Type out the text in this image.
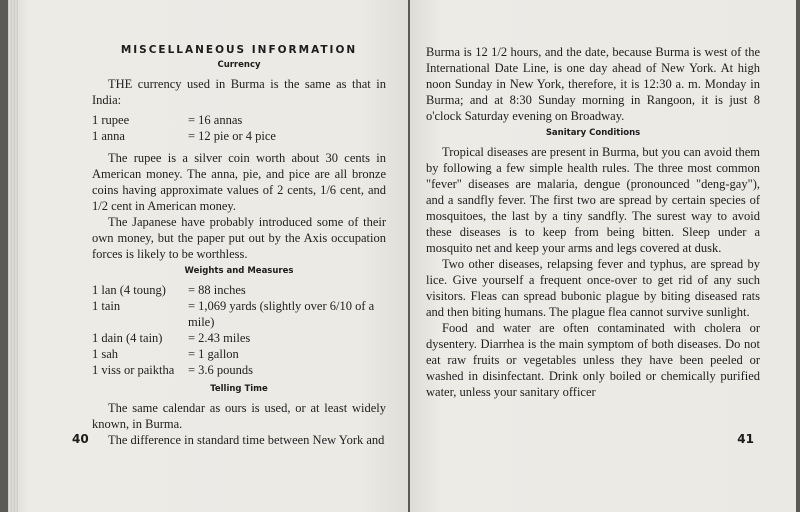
MISCELLANEOUS INFORMATION
Currency

THE currency used in Burma is the same as that in India:

1 rupee	= 16 annas
1 anna	= 12 pie or 4 pice

The rupee is a silver coin worth about 30 cents in American money. The anna, pie, and pice are all bronze coins having approximate values of 2 cents, 1/6 cent, and 1/2 cent in American money.

The Japanese have probably introduced some of their own money, but the paper put out by the Axis occupation forces is likely to be worthless.

Weights and Measures
1 lan (4 toung)	= 88 inches
1 tain	= 1,069 yards (slightly over 6/10 of a mile)
1 dain (4 tain)	= 2.43 miles
1 sah	= 1 gallon
1 viss or paiktha	= 3.6 pounds
Telling Time

The same calendar as ours is used, or at least widely known, in Burma.

The difference in standard time between New York and

40

Burma is 12 1/2 hours, and the date, because Burma is west of the International Date Line, is one day ahead of New York. At high noon Sunday in New York, therefore, it is 12:30 a. m. Monday in Burma; and at 8:30 Sunday morning in Rangoon, it is just 8 o'clock Saturday evening on Broadway.

Sanitary Conditions

Tropical diseases are present in Burma, but you can avoid them by following a few simple health rules. The three most common "fever" diseases are malaria, dengue (pronounced "deng-gay"), and a sandfly fever. The first two are spread by certain species of mosquitoes, the last by a tiny sandfly. The surest way to avoid these diseases is to keep from being bitten. Sleep under a mosquito net and keep your arms and legs covered at dusk.

Two other diseases, relapsing fever and typhus, are spread by lice. Give yourself a frequent once-over to get rid of any such visitors. Fleas can spread bubonic plague by biting diseased rats and then biting humans. The plague flea cannot survive sunlight.

Food and water are often contaminated with cholera or dysentery. Diarrhea is the main symptom of both diseases. Do not eat raw fruits or vegetables unless they have been peeled or washed in disinfectant. Drink only boiled or chemically purified water, unless your sanitary officer

41
